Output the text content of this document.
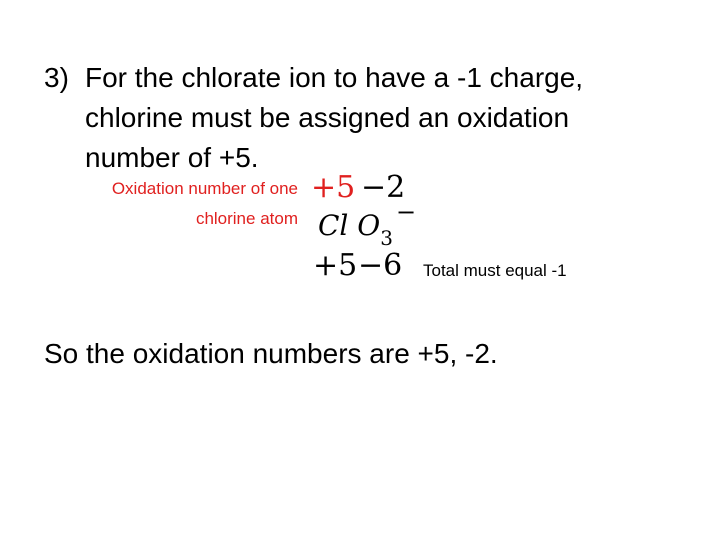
3) For the chlorate ion to have a -1 charge,
chlorine must be assigned an oxidation
number of +5.
Oxidation number of one
chlorine atom
+5 −2
Cl $O_3$
−
+5 −6 Total must equal -1
So the oxidation numbers are +5, -2.
